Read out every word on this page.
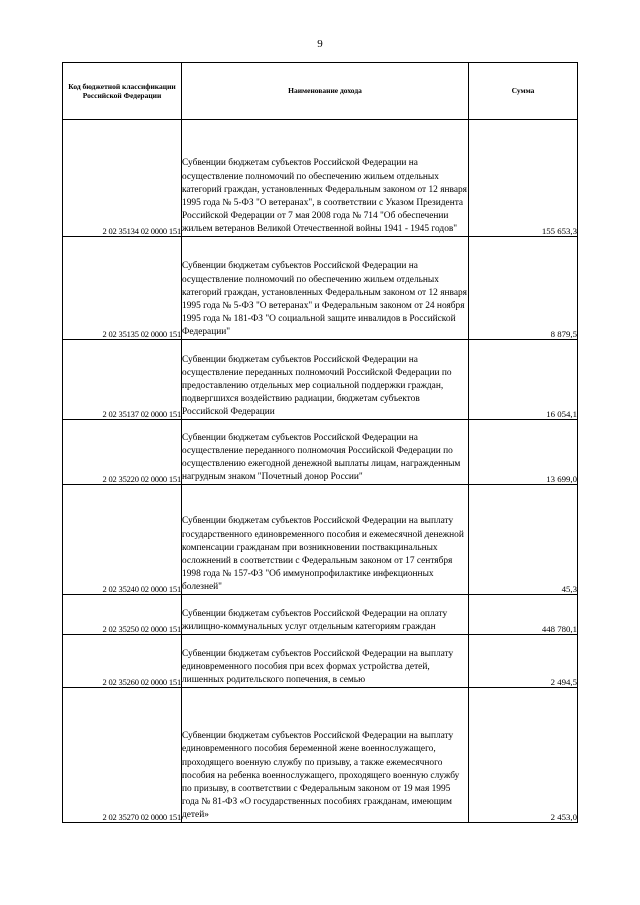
9
Код бюджетной классификации Российской Федерации	Наименование дохода	Сумма
2 02 35134 02 0000 151	Субвенции бюджетам субъектов Российской Федерации на осуществление полномочий по обеспечению жильем отдельных категорий граждан, установленных Федеральным законом от 12 января 1995 года № 5-ФЗ "О ветеранах", в соответствии с Указом Президента Российской Федерации от 7 мая 2008 года № 714 "Об обеспечении жильем ветеранов Великой Отечественной войны 1941 - 1945 годов"	155 653,3
2 02 35135 02 0000 151	Субвенции бюджетам субъектов Российской Федерации на осуществление полномочий по обеспечению жильем отдельных категорий граждан, установленных Федеральным законом от 12 января 1995 года № 5-ФЗ "О ветеранах" и Федеральным законом от 24 ноября 1995 года № 181-ФЗ "О социальной защите инвалидов в Российской Федерации"	8 879,5
2 02 35137 02 0000 151	Субвенции бюджетам субъектов Российской Федерации на осуществление переданных полномочий Российской Федерации по предоставлению отдельных мер социальной поддержки граждан, подвергшихся воздействию радиации, бюджетам субъектов Российской Федерации	16 054,1
2 02 35220 02 0000 151	Субвенции бюджетам субъектов Российской Федерации на осуществление переданного полномочия Российской Федерации по осуществлению ежегодной денежной выплаты лицам, награжденным нагрудным знаком "Почетный донор России"	13 699,0
2 02 35240 02 0000 151	Субвенции бюджетам субъектов Российской Федерации на выплату государственного единовременного пособия и ежемесячной денежной компенсации гражданам при возникновении поствакцинальных осложнений в соответствии с Федеральным законом от 17 сентября 1998 года № 157-ФЗ "Об иммунопрофилактике инфекционных болезней"	45,3
2 02 35250 02 0000 151	Субвенции бюджетам субъектов Российской Федерации на оплату жилищно-коммунальных услуг отдельным категориям граждан	448 780,1
2 02 35260 02 0000 151	Субвенции бюджетам субъектов Российской Федерации на выплату единовременного пособия при всех формах устройства детей, лишенных родительского попечения, в семью	2 494,5
2 02 35270 02 0000 151	Субвенции бюджетам субъектов Российской Федерации на выплату единовременного пособия беременной жене военнослужащего, проходящего военную службу по призыву, а также ежемесячного пособия на ребенка военнослужащего, проходящего военную службу по призыву, в соответствии с Федеральным законом от 19 мая 1995 года № 81-ФЗ «О государственных пособиях гражданам, имеющим детей»	2 453,0
